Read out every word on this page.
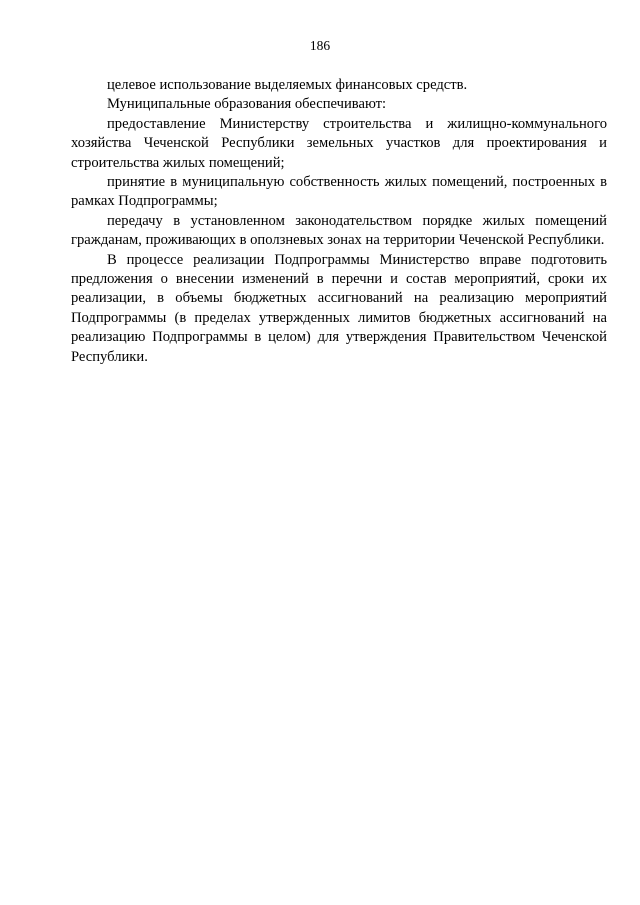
186

целевое использование выделяемых финансовых средств.

Муниципальные образования обеспечивают:

предоставление Министерству строительства и жилищно-коммунального хозяйства Чеченской Республики земельных участков для проектирования и строительства жилых помещений;

принятие в муниципальную собственность жилых помещений, построенных в рамках Подпрограммы;

передачу в установленном законодательством порядке жилых помещений гражданам, проживающих в оползневых зонах на территории Чеченской Республики.

В процессе реализации Подпрограммы Министерство вправе подготовить предложения о внесении изменений в перечни и состав мероприятий, сроки их реализации, в объемы бюджетных ассигнований на реализацию мероприятий Подпрограммы (в пределах утвержденных лимитов бюджетных ассигнований на реализацию Подпрограммы в целом) для утверждения Правительством Чеченской Республики.
